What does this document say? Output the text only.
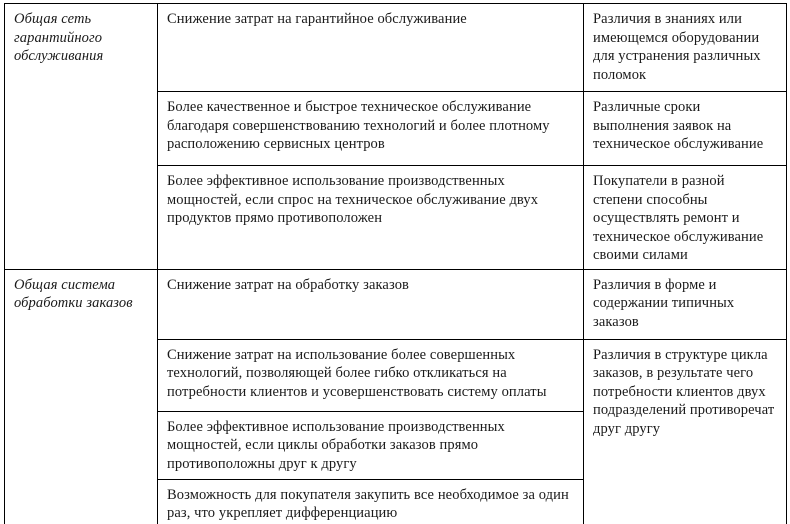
Общая сеть гарантийного обслуживания	Снижение затрат на гарантийное обслуживание	Различия в знаниях или имеющемся оборудовании для устранения различных поломок
	Более качественное и быстрое техническое обслуживание благодаря совершенствованию технологий и более плотному расположению сервисных центров	Различные сроки выполнения заявок на техническое обслуживание
	Более эффективное использование производственных мощностей, если спрос на техническое обслуживание двух продуктов прямо противоположен	Покупатели в разной степени способны осуществлять ремонт и техническое обслуживание своими силами
Общая система обработки заказов	Снижение затрат на обработку заказов	Различия в форме и содержании типичных заказов
	Снижение затрат на использование более совершенных технологий, позволяющей более гибко откликаться на потребности клиентов и усовершенствовать систему оплаты	Различия в структуре цикла заказов, в результате чего потребности клиентов двух подразделений противоречат друг другу
	Более эффективное использование производственных мощностей, если циклы обработки заказов прямо противоположны друг к другу	
	Возможность для покупателя закупить все необходимое за один раз, что укрепляет дифференциацию	
